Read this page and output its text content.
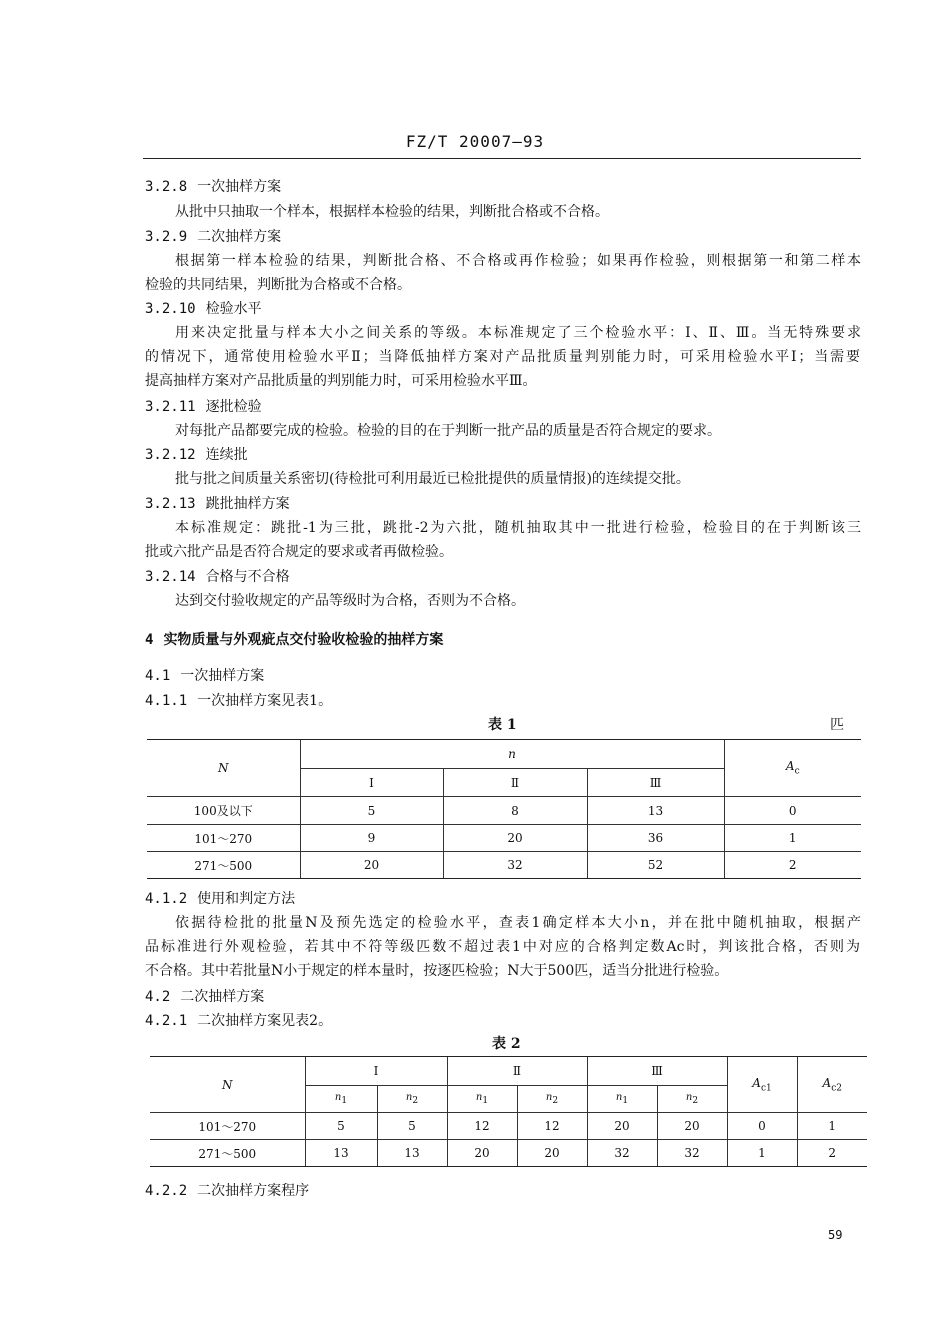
FZ/T 20007—93
3.2.8 一次抽样方案
从批中只抽取一个样本，根据样本检验的结果，判断批合格或不合格。
3.2.9 二次抽样方案
根据第一样本检验的结果，判断批合格、不合格或再作检验；如果再作检验，则根据第一和第二样本
检验的共同结果，判断批为合格或不合格。
3.2.10 检验水平
用来决定批量与样本大小之间关系的等级。本标准规定了三个检验水平：Ⅰ、Ⅱ、Ⅲ。当无特殊要求
的情况下，通常使用检验水平Ⅱ；当降低抽样方案对产品批质量判别能力时，可采用检验水平Ⅰ；当需要
提高抽样方案对产品批质量的判别能力时，可采用检验水平Ⅲ。
3.2.11 逐批检验
对每批产品都要完成的检验。检验的目的在于判断一批产品的质量是否符合规定的要求。
3.2.12 连续批
批与批之间质量关系密切(待检批可利用最近已检批提供的质量情报)的连续提交批。
3.2.13 跳批抽样方案
本标准规定：跳批-1为三批，跳批-2为六批，随机抽取其中一批进行检验，检验目的在于判断该三
批或六批产品是否符合规定的要求或者再做检验。
3.2.14 合格与不合格
达到交付验收规定的产品等级时为合格，否则为不合格。
4 实物质量与外观疵点交付验收检验的抽样方案
4.1 一次抽样方案
4.1.1 一次抽样方案见表1。
表 1	匹
N	n			$A_c$
	Ⅰ	Ⅱ	Ⅲ	
100及以下	5	8	13	0
101～270	9	20	36	1
271～500	20	32	52	2
4.1.2 使用和判定方法
依据待检批的批量N及预先选定的检验水平，查表1确定样本大小n，并在批中随机抽取，根据产
品标准进行外观检验，若其中不符等级匹数不超过表1中对应的合格判定数Ac时，判该批合格，否则为
不合格。其中若批量N小于规定的样本量时，按逐匹检验；N大于500匹，适当分批进行检验。
4.2 二次抽样方案
4.2.1 二次抽样方案见表2。
表 2
N	Ⅰ		Ⅱ		Ⅲ		$A_{c1}$	$A_{c2}$
	$n_1$	$n_2$	$n_1$	$n_2$	$n_1$	$n_2$
101～270	5	5	12	12	20	20	0	1
271～500	13	13	20	20	32	32	1	2
4.2.2 二次抽样方案程序
59
